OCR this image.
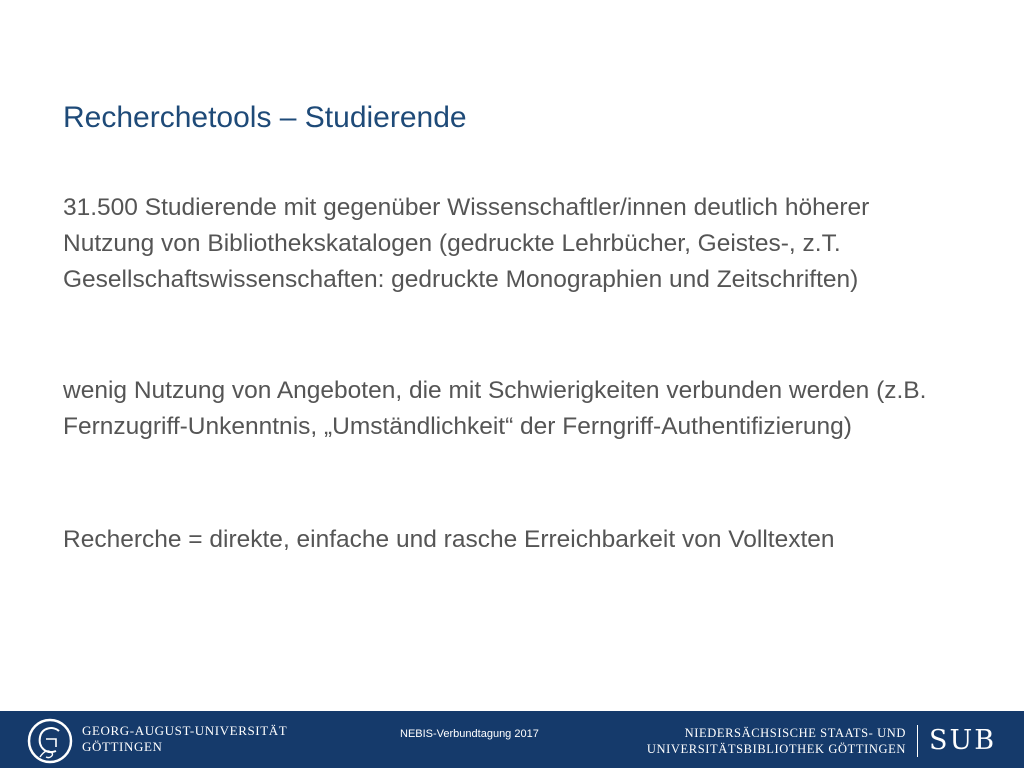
Recherchetools – Studierende

31.500 Studierende mit gegenüber Wissenschaftler/innen deutlich höherer Nutzung von Bibliothekskatalogen (gedruckte Lehrbücher, Geistes-, z.T. Gesellschaftswissenschaften: gedruckte Monographien und Zeitschriften)

wenig Nutzung von Angeboten, die mit Schwierigkeiten verbunden werden (z.B. Fernzugriff-Unkenntnis, „Umständlichkeit“ der Ferngriff-Authentifizierung)

Recherche = direkte, einfache und rasche Erreichbarkeit von Volltexten

GEORG-AUGUST-UNIVERSITÄT
GÖTTINGEN
NEBIS-Verbundtagung 2017	NIEDERSÄCHSISCHE STAATS- UND
UNIVERSITÄTSBIBLIOTHEK GÖTTINGEN SUB
